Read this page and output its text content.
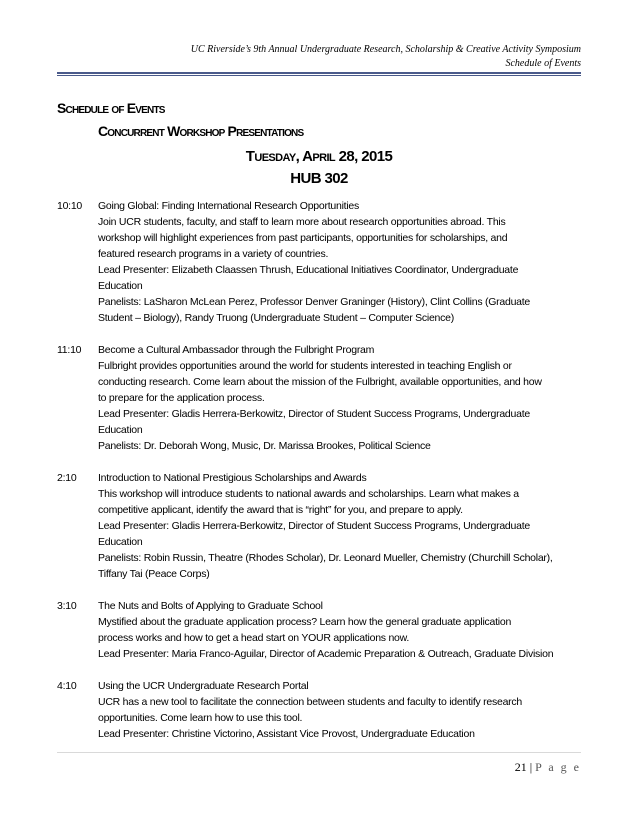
UC Riverside’s 9th Annual Undergraduate Research, Scholarship & Creative Activity Symposium
Schedule of Events
Schedule of Events
Concurrent Workshop Presentations
Tuesday, April 28, 2015
HUB 302
10:10 Going Global: Finding International Research Opportunities
Join UCR students, faculty, and staff to learn more about research opportunities abroad. This
workshop will highlight experiences from past participants, opportunities for scholarships, and
featured research programs in a variety of countries.
Lead Presenter: Elizabeth Claassen Thrush, Educational Initiatives Coordinator, Undergraduate
Education
Panelists: LaSharon McLean Perez, Professor Denver Graninger (History), Clint Collins (Graduate
Student – Biology), Randy Truong (Undergraduate Student – Computer Science)
11:10 Become a Cultural Ambassador through the Fulbright Program
Fulbright provides opportunities around the world for students interested in teaching English or
conducting research. Come learn about the mission of the Fulbright, available opportunities, and how
to prepare for the application process.
Lead Presenter: Gladis Herrera-Berkowitz, Director of Student Success Programs, Undergraduate
Education
Panelists: Dr. Deborah Wong, Music, Dr. Marissa Brookes, Political Science
2:10 Introduction to National Prestigious Scholarships and Awards
This workshop will introduce students to national awards and scholarships. Learn what makes a
competitive applicant, identify the award that is “right” for you, and prepare to apply.
Lead Presenter: Gladis Herrera-Berkowitz, Director of Student Success Programs, Undergraduate
Education
Panelists: Robin Russin, Theatre (Rhodes Scholar), Dr. Leonard Mueller, Chemistry (Churchill Scholar),
Tiffany Tai (Peace Corps)
3:10 The Nuts and Bolts of Applying to Graduate School
Mystified about the graduate application process? Learn how the general graduate application
process works and how to get a head start on YOUR applications now.
Lead Presenter: Maria Franco-Aguilar, Director of Academic Preparation & Outreach, Graduate Division
4:10 Using the UCR Undergraduate Research Portal
UCR has a new tool to facilitate the connection between students and faculty to identify research
opportunities. Come learn how to use this tool.
Lead Presenter: Christine Victorino, Assistant Vice Provost, Undergraduate Education
21 | P a g e
